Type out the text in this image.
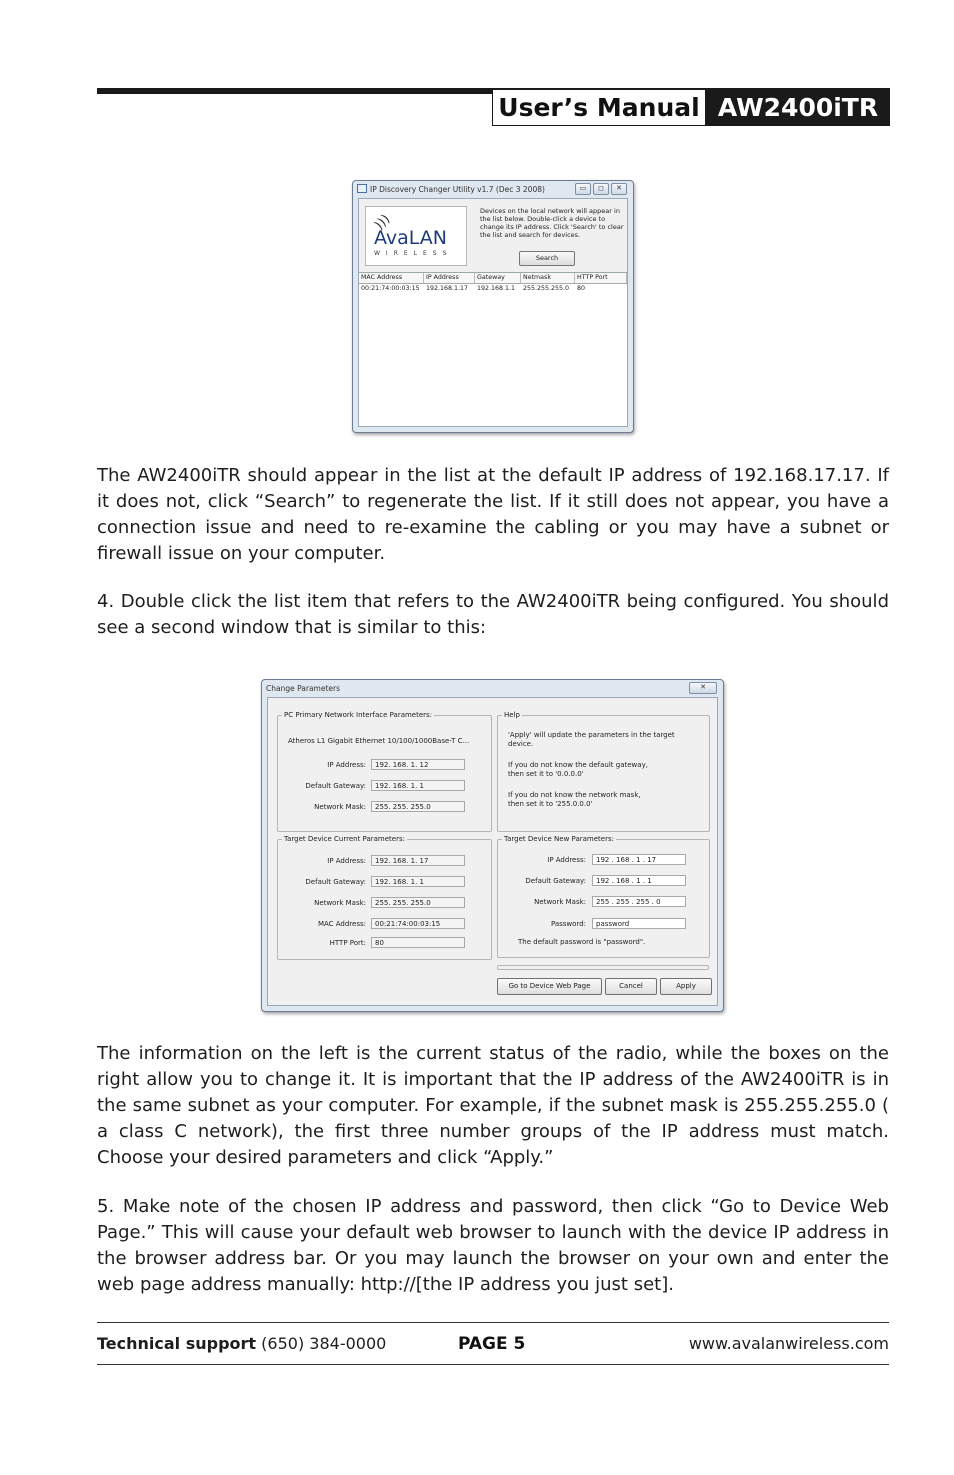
User’s Manual AW2400iTR
IP Discovery Changer Utility v1.7 (Dec 3 2008)	▭	◻	✕
)))
AvaLAN
WIRELESS
Devices on the local network will appear in the list below. Double-click a device to change its IP address. Click 'Search' to clear the list and search for devices.
Search
MAC Address	IP Address	Gateway	Netmask	HTTP Port
00:21:74:00:03:15	192.168.1.17	192.168.1.1	255.255.255.0	80

The AW2400iTR should appear in the list at the default IP address of 192.168.17.17. If it does not, click “Search” to regenerate the list. If it still does not appear, you have a connection issue and need to re-examine the cabling or you may have a subnet or firewall issue on your computer.

4. Double click the list item that refers to the AW2400iTR being configured. You should see a second window that is similar to this:

Change Parameters	✕
PC Primary Network Interface Parameters:
Atheros L1 Gigabit Ethernet 10/100/1000Base-T C...
IP Address:	192. 168. 1. 12
Default Gateway:	192. 168. 1. 1
Network Mask:	255. 255. 255.0
Help
'Apply' will update the parameters in the target
device.
If you do not know the default gateway,
then set it to '0.0.0.0'
If you do not know the network mask,
then set it to '255.0.0.0'
Target Device Current Parameters:
IP Address:	192. 168. 1. 17
Default Gateway:	192. 168. 1. 1
Network Mask:	255. 255. 255.0
MAC Address:	00:21:74:00:03:15
HTTP Port:	80
Target Device New Parameters:
IP Address:	192 . 168 . 1 . 17
Default Gateway:	192 . 168 . 1 . 1
Network Mask:	255 . 255 . 255 . 0
Password:	password
The default password is "password".
Go to Device Web Page	Cancel	Apply

The information on the left is the current status of the radio, while the boxes on the right allow you to change it. It is important that the IP address of the AW2400iTR is in the same subnet as your computer. For example, if the subnet mask is 255.255.255.0 ( a class C network), the first three number groups of the IP address must match. Choose your desired parameters and click “Apply.”

5. Make note of the chosen IP address and password, then click “Go to Device Web Page.” This will cause your default web browser to launch with the device IP address in the browser address bar. Or you may launch the browser on your own and enter the web page address manually: http://[the IP address you just set].

Technical support (650) 384-0000	PAGE 5	www.avalanwireless.com
